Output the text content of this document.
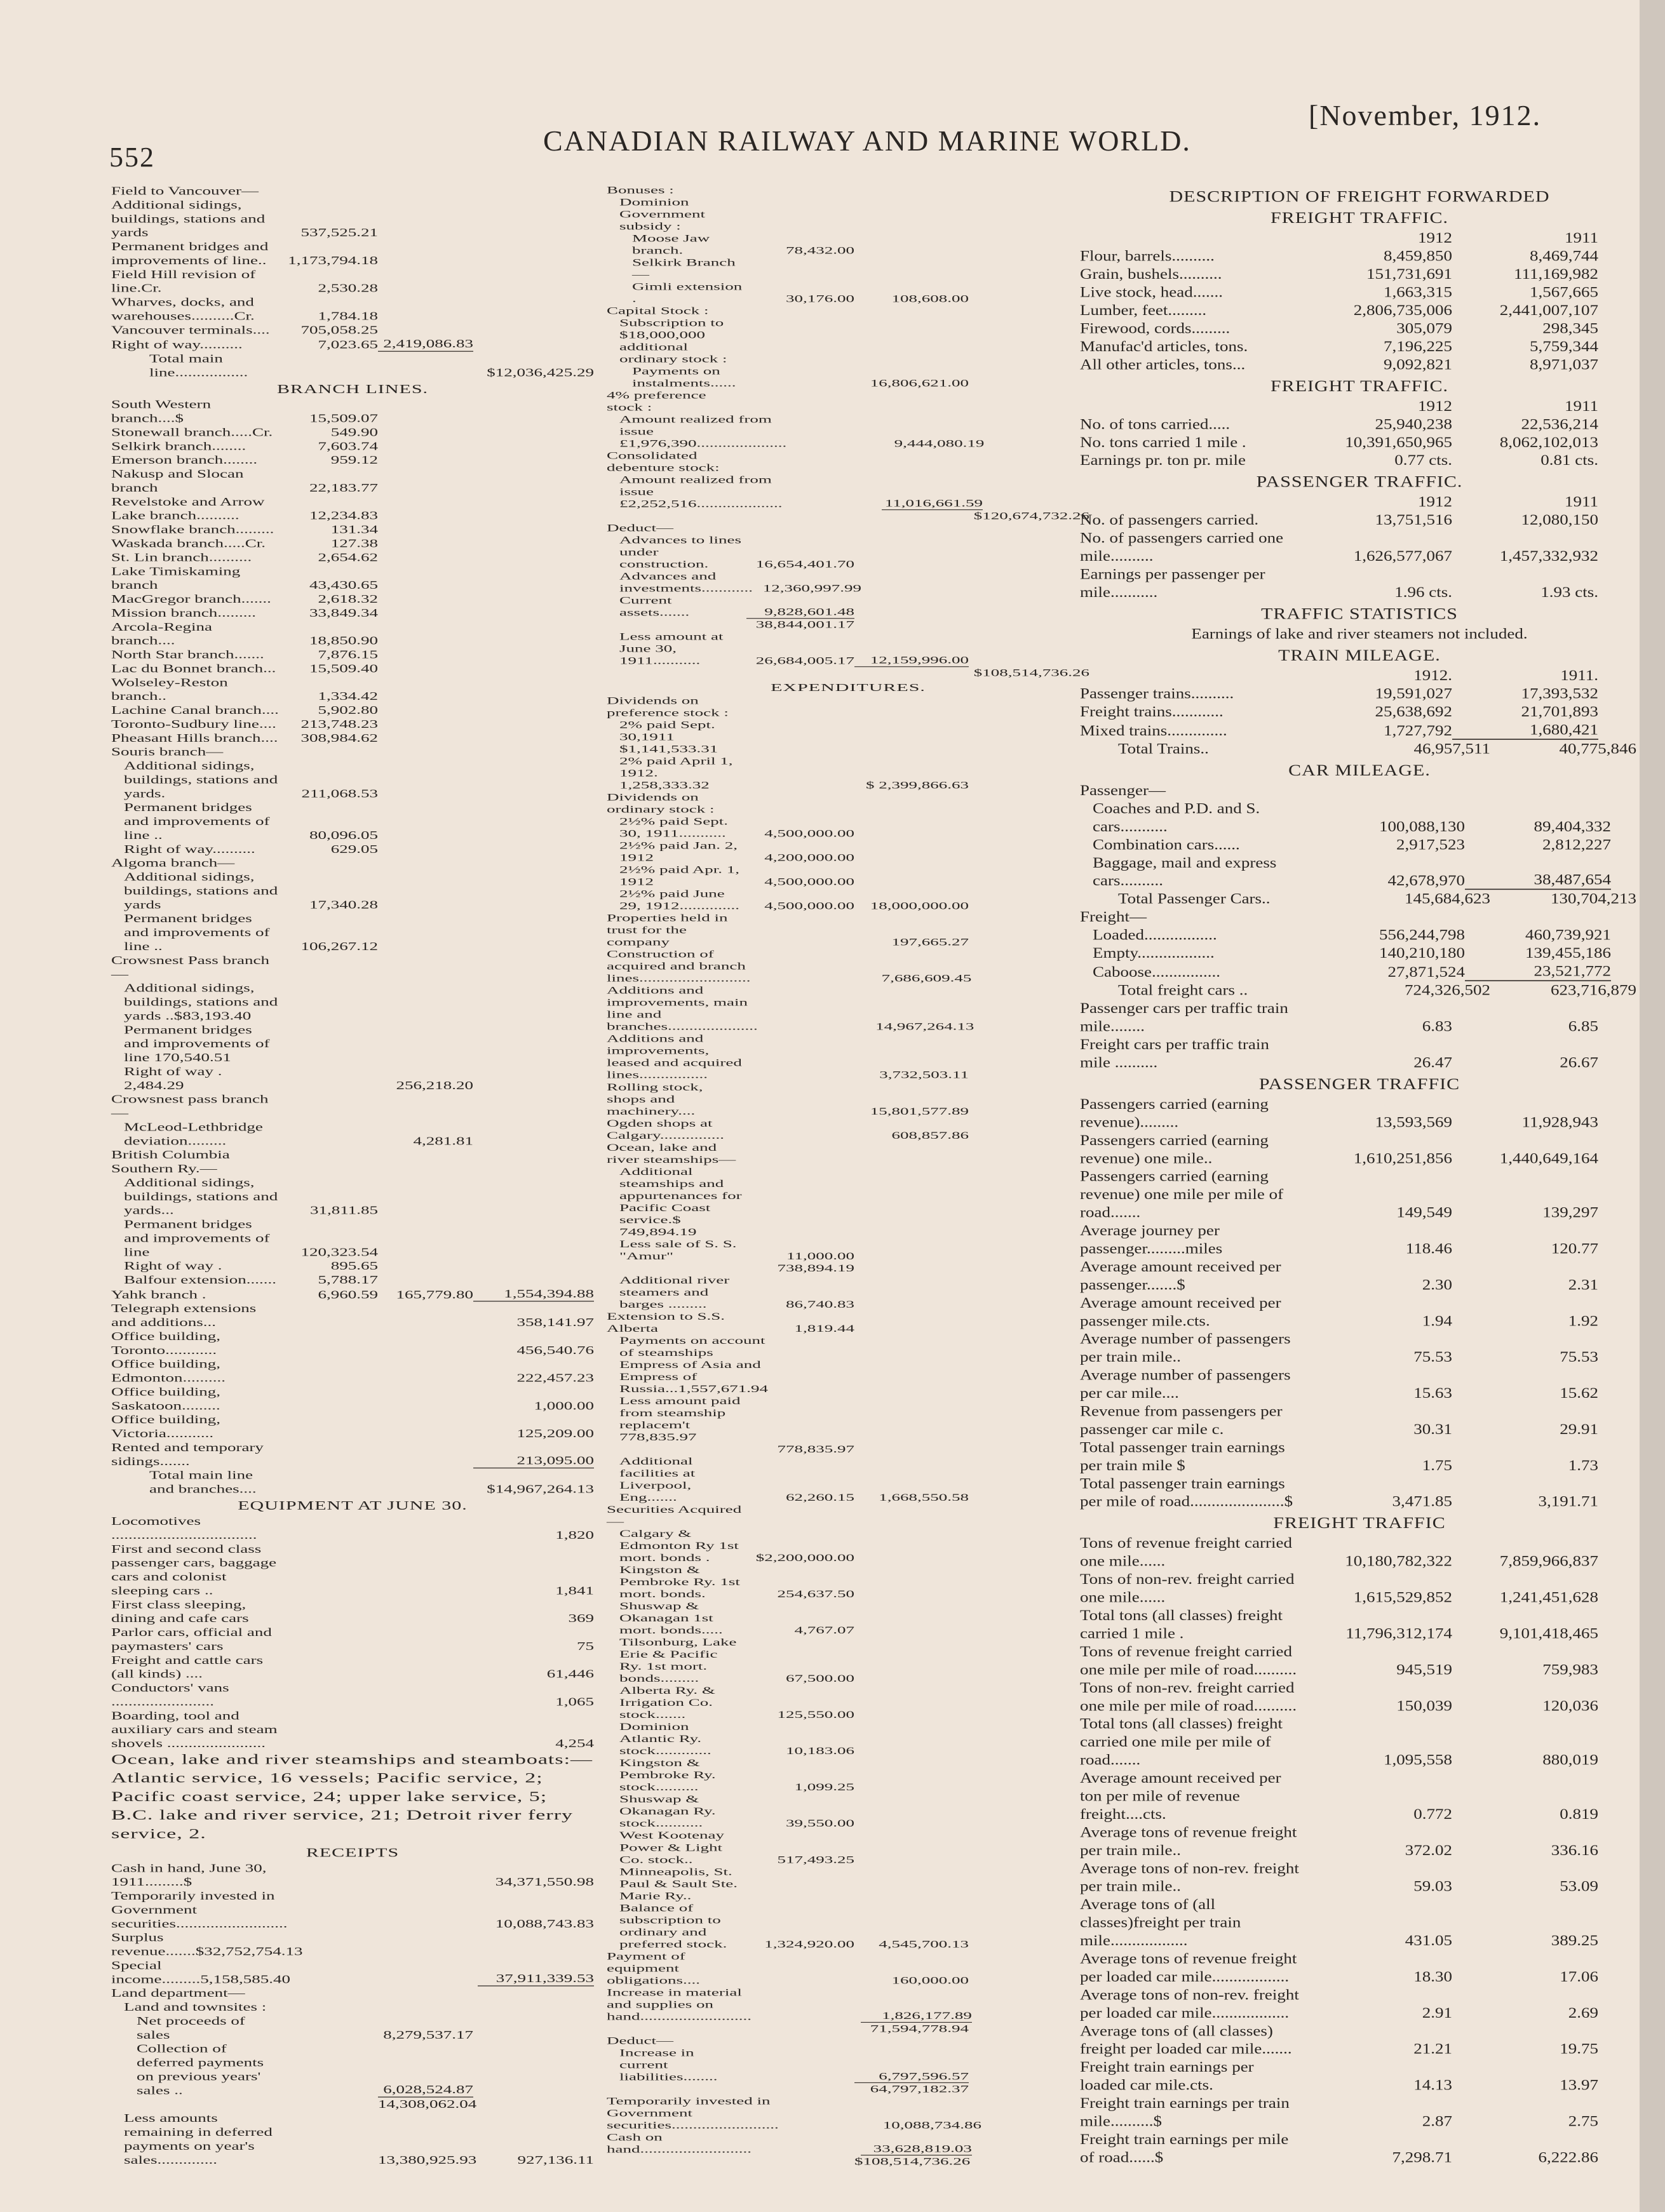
552
CANADIAN RAILWAY AND MARINE WORLD.
[November, 1912.
Field to Vancouver—
Additional sidings, buildings, stations and yards	537,525.21
Permanent bridges and improvements of line..	1,173,794.18
Field Hill revision of line.Cr.	2,530.28
Wharves, docks, and warehouses..........Cr.	1,784.18
Vancouver terminals....	705,058.25
Right of way..........	7,023.65 2,419,086.83
Total main line.................	$12,036,425.29
BRANCH LINES.
South Western branch....$	15,509.07
Stonewall branch.....Cr.	549.90
Selkirk branch........	7,603.74
Emerson branch........	959.12
Nakusp and Slocan branch	22,183.77
Revelstoke and Arrow Lake branch..........	12,234.83
Snowflake branch.........	131.34
Waskada branch.....Cr.	127.38
St. Lin branch..........	2,654.62
Lake Timiskaming branch	43,430.65
MacGregor branch.......	2,618.32
Mission branch.........	33,849.34
Arcola-Regina branch....	18,850.90
North Star branch.......	7,876.15
Lac du Bonnet branch...	15,509.40
Wolseley-Reston branch..	1,334.42
Lachine Canal branch....	5,902.80
Toronto-Sudbury line....	213,748.23
Pheasant Hills branch....	308,984.62
Souris branch—
Additional sidings, buildings, stations and yards.	211,068.53
Permanent bridges and improvements of line ..	80,096.05
Right of way..........	629.05
Algoma branch—
Additional sidings, buildings, stations and yards	17,340.28
Permanent bridges and improvements of line ..	106,267.12
Crowsnest Pass branch—
Additional sidings, buildings, stations and yards ..$83,193.40
Permanent bridges and improvements of line 170,540.51
Right of way . 2,484.29	256,218.20
Crowsnest pass branch—
McLeod-Lethbridge deviation.........	4,281.81
British Columbia Southern Ry.—
Additional sidings, buildings, stations and yards...	31,811.85
Permanent bridges and improvements of line	120,323.54
Right of way .	895.65
Balfour extension.......	5,788.17
Yahk branch .	6,960.59	165,779.80	1,554,394.88
Telegraph extensions and additions...	358,141.97
Office building, Toronto............	456,540.76
Office building, Edmonton..........	222,457.23
Office building, Saskatoon.........	1,000.00
Office building, Victoria...........	125,209.00
Rented and temporary sidings.......	213,095.00
Total main line and branches....	$14,967,264.13
EQUIPMENT AT JUNE 30.
Locomotives ..................................	1,820
First and second class passenger cars, baggage cars and colonist sleeping cars ..	1,841
First class sleeping, dining and cafe cars	369
Parlor cars, official and paymasters' cars	75
Freight and cattle cars (all kinds) ....	61,446
Conductors' vans ........................	1,065
Boarding, tool and auxiliary cars and steam shovels .......................	4,254
Ocean, lake and river steamships and steamboats:—Atlantic service, 16 vessels; Pacific service, 2; Pacific coast service, 24; upper lake service, 5; B.C. lake and river service, 21; Detroit river ferry service, 2.
RECEIPTS
Cash in hand, June 30, 1911.........$	34,371,550.98
Temporarily invested in Government securities..........................	10,088,743.83
Surplus revenue.......$32,752,754.13
Special income.........5,158,585.40	37,911,339.53
Land department—
Land and townsites :
Net proceeds of sales	8,279,537.17
Collection of deferred payments on previous years' sales ..	6,028,524.87
14,308,062.04
Less amounts remaining in deferred payments on year's sales..............	13,380,925.93	927,136.11
Bonuses :
Dominion Government subsidy :
Moose Jaw branch.	78,432.00
Selkirk Branch—
Gimli extension .	30,176.00	108,608.00
Capital Stock :
Subscription to $18,000,000 additional ordinary stock :
Payments on instalments......	16,806,621.00
4% preference stock :
Amount realized from issue £1,976,390.....................	9,444,080.19
Consolidated debenture stock:
Amount realized from issue £2,252,516....................	11,016,661.59
$120,674,732.26
Deduct—
Advances to lines under construction.	16,654,401.70
Advances and investments............ 12,360,997.99
Current assets.......	9,828,601.48
38,844,001.17
Less amount at June 30, 1911...........	26,684,005.17 12,159,996.00
$108,514,736.26
EXPENDITURES.
Dividends on preference stock :
2% paid Sept. 30,1911 $1,141,533.31
2% paid April 1, 1912. 1,258,333.32	$ 2,399,866.63
Dividends on ordinary stock :
2½% paid Sept. 30, 1911...........	4,500,000.00
2½% paid Jan. 2, 1912	4,200,000.00
2½% paid Apr. 1, 1912	4,500,000.00
2½% paid June 29, 1912..............	4,500,000.00 18,000,000.00
Properties held in trust for the company	197,665.27
Construction of acquired and branch lines..........................	7,686,609.45
Additions and improvements, main line and branches.....................	14,967,264.13
Additions and improvements, leased and acquired lines................	3,732,503.11
Rolling stock, shops and machinery....	15,801,577.89
Ogden shops at Calgary...............	608,857.86
Ocean, lake and river steamships—
Additional steamships and appurtenances for Pacific Coast service.$ 749,894.19
Less sale of S. S. "Amur"	11,000.00
738,894.19
Additional river steamers and barges .........	86,740.83
Extension to S.S. Alberta	1,819.44
Payments on account of steamships Empress of Asia and Empress of Russia...1,557,671.94
Less amount paid from steamship replacem't 778,835.97
778,835.97
Additional facilities at Liverpool, Eng.......	62,260.15	1,668,550.58
Securities Acquired—
Calgary & Edmonton Ry 1st mort. bonds .	$2,200,000.00
Kingston & Pembroke Ry. 1st mort. bonds.	254,637.50
Shuswap & Okanagan 1st mort. bonds.....	4,767.07
Tilsonburg, Lake Erie & Pacific Ry. 1st mort. bonds.........	67,500.00
Alberta Ry. & Irrigation Co. stock.......	125,550.00
Dominion Atlantic Ry. stock.............	10,183.06
Kingston & Pembroke Ry. stock..........	1,099.25
Shuswap & Okanagan Ry. stock...........	39,550.00
West Kootenay Power & Light Co. stock..	517,493.25
Minneapolis, St. Paul & Sault Ste. Marie Ry.. Balance of subscription to ordinary and preferred stock.	1,324,920.00	4,545,700.13
Payment of equipment obligations....	160,000.00
Increase in material and supplies on hand..........................	1,826,177.89
71,594,778.94
Deduct—
Increase in current liabilities........	6,797,596.57
64,797,182.37
Temporarily invested in Government securities.........................	10,088,734.86
Cash on hand..........................	33,628,819.03
$108,514,736.26
DESCRIPTION OF FREIGHT FORWARDED
FREIGHT TRAFFIC.
1912	1911
Flour, barrels..........	8,459,850	8,469,744
Grain, bushels..........	151,731,691	111,169,982
Live stock, head.......	1,663,315	1,567,665
Lumber, feet.........	2,806,735,006	2,441,007,107
Firewood, cords.........	305,079	298,345
Manufac'd articles, tons.	7,196,225	5,759,344
All other articles, tons...	9,092,821	8,971,037
FREIGHT TRAFFIC.
1912	1911
No. of tons carried.....	25,940,238	22,536,214
No. tons carried 1 mile .	10,391,650,965	8,062,102,013
Earnings pr. ton pr. mile	0.77 cts.	0.81 cts.
PASSENGER TRAFFIC.
1912	1911
No. of passengers carried.	13,751,516	12,080,150
No. of passengers carried one mile..........	1,626,577,067	1,457,332,932
Earnings per passenger per mile...........	1.96 cts.	1.93 cts.
TRAFFIC STATISTICS
Earnings of lake and river steamers not included.
TRAIN MILEAGE.
1912.	1911.
Passenger trains..........	19,591,027	17,393,532
Freight trains............	25,638,692	21,701,893
Mixed trains..............	1,727,792	1,680,421
Total Trains..	46,957,511	40,775,846
CAR MILEAGE.
Passenger—
Coaches and P.D. and S. cars...........	100,088,130	89,404,332
Combination cars......	2,917,523	2,812,227
Baggage, mail and express cars..........	42,678,970	38,487,654
Total Passenger Cars..	145,684,623	130,704,213
Freight—
Loaded.................	556,244,798	460,739,921
Empty..................	140,210,180	139,455,186
Caboose................	27,871,524	23,521,772
Total freight cars ..	724,326,502	623,716,879
Passenger cars per traffic train mile........	6.83	6.85
Freight cars per traffic train mile ..........	26.47	26.67
PASSENGER TRAFFIC
Passengers carried (earning revenue).........	13,593,569	11,928,943
Passengers carried (earning revenue) one mile..	1,610,251,856	1,440,649,164
Passengers carried (earning revenue) one mile per mile of road.......	149,549	139,297
Average journey per passenger.........miles	118.46	120.77
Average amount received per passenger.......$	2.30	2.31
Average amount received per passenger mile.cts.	1.94	1.92
Average number of passengers per train mile..	75.53	75.53
Average number of passengers per car mile....	15.63	15.62
Revenue from passengers per passenger car mile c.	30.31	29.91
Total passenger train earnings per train mile $	1.75	1.73
Total passenger train earnings per mile of road......................$	3,471.85	3,191.71
FREIGHT TRAFFIC
Tons of revenue freight carried one mile......	10,180,782,322	7,859,966,837
Tons of non-rev. freight carried one mile......	1,615,529,852	1,241,451,628
Total tons (all classes) freight carried 1 mile .	11,796,312,174	9,101,418,465
Tons of revenue freight carried one mile per mile of road..........	945,519	759,983
Tons of non-rev. freight carried one mile per mile of road..........	150,039	120,036
Total tons (all classes) freight carried one mile per mile of road.......	1,095,558	880,019
Average amount received per ton per mile of revenue freight....cts.	0.772	0.819
Average tons of revenue freight per train mile..	372.02	336.16
Average tons of non-rev. freight per train mile..	59.03	53.09
Average tons of (all classes)freight per train mile..................	431.05	389.25
Average tons of revenue freight per loaded car mile..................	18.30	17.06
Average tons of non-rev. freight per loaded car mile..................	2.91	2.69
Average tons of (all classes) freight per loaded car mile.......	21.21	19.75
Freight train earnings per loaded car mile.cts.	14.13	13.97
Freight train earnings per train mile..........$	2.87	2.75
Freight train earnings per mile of road......$	7,298.71	6,222.86
